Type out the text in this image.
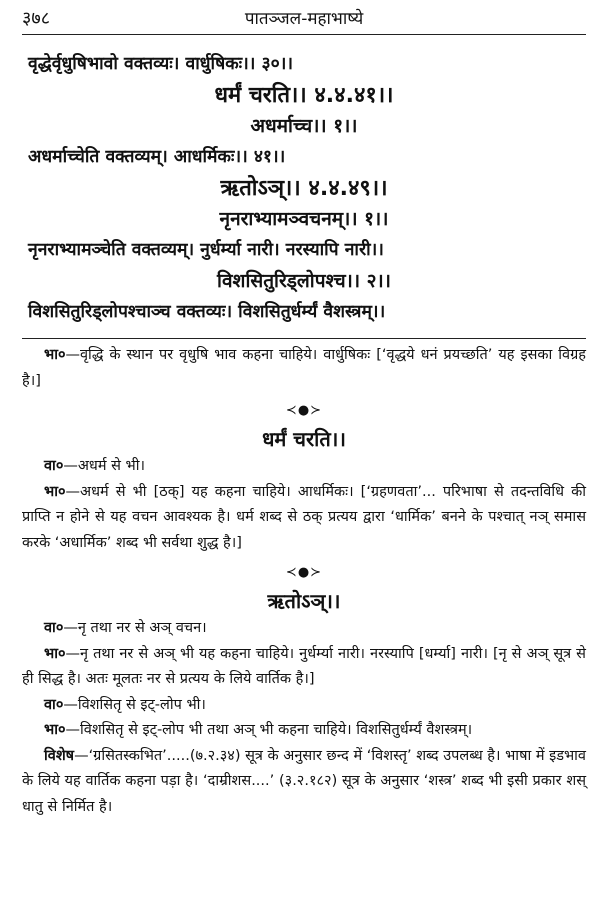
३७८	पातञ्जल-महाभाष्ये
वृद्धेर्वृधुषिभावो वक्तव्यः। वार्धुषिकः।। ३०।।
धर्मं चरति।। ४.४.४१।।
अधर्माच्च।। १।।
अधर्माच्चेति वक्तव्यम्। आधर्मिकः।। ४१।।
ऋतोऽञ्।। ४.४.४९।।
नृनराभ्यामञ्वचनम्।। १।।
नृनराभ्यामञ्चेति वक्तव्यम्। नुर्धर्म्या नारी। नरस्यापि नारी।।
विशसितुरिड्लोपश्च।। २।।
विशसितुरिड्लोपश्चाञ्च वक्तव्यः। विशसितुर्धर्म्यं वैशस्त्रम्।।

भा०—वृद्धि के स्थान पर वृधुषि भाव कहना चाहिये। वार्धुषिकः [‘वृद्धये धनं प्रयच्छति’ यह इसका विग्रह है।]

≺●≻
धर्मं चरति।।

वा०—अधर्म से भी।

भा०—अधर्म से भी [ठक्] यह कहना चाहिये। आधर्मिकः। [‘ग्रहणवता’... परिभाषा से तदन्तविधि की प्राप्ति न होने से यह वचन आवश्यक है। धर्म शब्द से ठक् प्रत्यय द्वारा ‘धार्मिक’ बनने के पश्चात् नञ् समास करके ‘अधार्मिक’ शब्द भी सर्वथा शुद्ध है।]

≺●≻
ऋतोऽञ्।।

वा०—नृ तथा नर से अञ् वचन।

भा०—नृ तथा नर से अञ् भी यह कहना चाहिये। नुर्धर्म्या नारी। नरस्यापि [धर्म्या] नारी। [नृ से अञ् सूत्र से ही सिद्ध है। अतः मूलतः नर से प्रत्यय के लिये वार्तिक है।]

वा०—विशसितृ से इट्-लोप भी।

भा०—विशसितृ से इट्-लोप भी तथा अञ् भी कहना चाहिये। विशसितुर्धर्म्यं वैशस्त्रम्।

विशेष—‘ग्रसितस्कभित’.....(७.२.३४) सूत्र के अनुसार छन्द में ‘विशस्तृ’ शब्द उपलब्ध है। भाषा में इडभाव के लिये यह वार्तिक कहना पड़ा है। ‘दाम्रीशस....’ (३.२.१८२) सूत्र के अनुसार ‘शस्त्र’ शब्द भी इसी प्रकार शस् धातु से निर्मित है।
